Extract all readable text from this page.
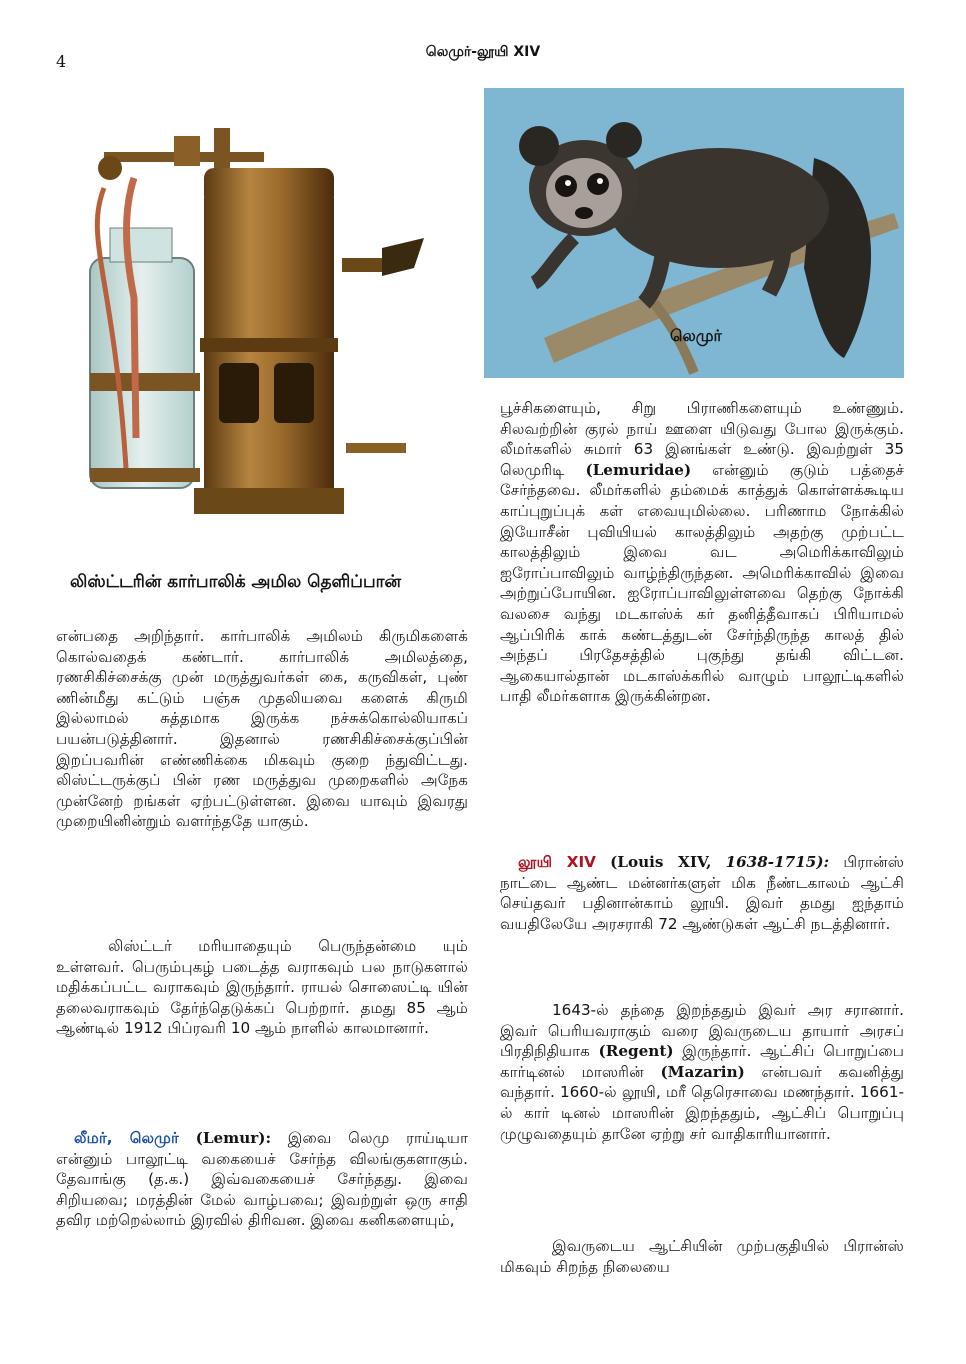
4	லெமுர்-லூயி XIV
லிஸ்ட்டரின் கார்பாலிக் அமில தெளிப்பான்
லெமுர்

என்பதை அறிந்தார். கார்பாலிக் அமிலம் கிருமிகளைக் கொல்வதைக் கண்டார். கார்பாலிக் அமிலத்தை, ரணசிகிச்சைக்கு முன் மருத்துவர்கள் கை, கருவிகள், புண் ணின்மீது கட்டும் பஞ்சு முதலியவை களைக் கிருமி இல்லாமல் சுத்தமாக இருக்க நச்சுக்கொல்லியாகப் பயன்படுத்தினார். இதனால் ரணசிகிச்சைக்குப்பின் இறப்பவரின் எண்ணிக்கை மிகவும் குறை ந்துவிட்டது. லிஸ்ட்டருக்குப் பின் ரண மருத்துவ முறைகளில் அநேக முன்னேற் றங்கள் ஏற்பட்டுள்ளன. இவை யாவும் இவரது முறையினின்றும் வளர்ந்ததே யாகும்.

லிஸ்ட்டர் மரியாதையும் பெருந்தன்மை யும் உள்ளவர். பெரும்புகழ் படைத்த வராகவும் பல நாடுகளால் மதிக்கப்பட்ட வராகவும் இருந்தார். ராயல் சொஸைட்டி யின் தலைவராகவும் தேர்ந்தெடுக்கப் பெற்றார். தமது 85 ஆம் ஆண்டில் 1912 பிப்ரவரி 10 ஆம் நாளில் காலமானார்.

லீமர், லெமுர் (Lemur): இவை லெமு ராய்டியா என்னும் பாலூட்டி வகையைச் சேர்ந்த விலங்குகளாகும். தேவாங்கு (த.க.) இவ்வகையைச் சேர்ந்தது. இவை சிறியவை; மரத்தின் மேல் வாழ்பவை; இவற்றுள் ஒரு சாதி தவிர மற்றெல்லாம் இரவில் திரிவன. இவை கனிகளையும்,

பூச்சிகளையும், சிறு பிராணிகளையும் உண்ணும். சிலவற்றின் குரல் நாய் ஊளை யிடுவது போல இருக்கும். லீமர்களில் சுமார் 63 இனங்கள் உண்டு. இவற்றுள் 35 லெமுரிடி (Lemuridae) என்னும் குடும் பத்தைச் சேர்ந்தவை. லீமர்களில் தம்மைக் காத்துக் கொள்ளக்கூடிய காப்புறுப்புக் கள் எவையுமில்லை. பரிணாம நோக்கில் இயோசீன் புவியியல் காலத்திலும் அதற்கு முற்பட்ட காலத்திலும் இவை வட அமெரிக்காவிலும் ஐரோப்பாவிலும் வாழ்ந்திருந்தன. அமெரிக்காவில் இவை அற்றுப்போயின. ஐரோப்பாவிலுள்ளவை தெற்கு நோக்கி வலசை வந்து மடகாஸ்க் கர் தனித்தீவாகப் பிரியாமல் ஆப்பிரிக் காக் கண்டத்துடன் சேர்ந்திருந்த காலத் தில் அந்தப் பிரதேசத்தில் புகுந்து தங்கி விட்டன. ஆகையால்தான் மடகாஸ்க்கரில் வாழும் பாலூட்டிகளில் பாதி லீமர்களாக இருக்கின்றன.

லூயி XIV (Louis XIV, 1638-1715): பிரான்ஸ் நாட்டை ஆண்ட மன்னர்களுள் மிக நீண்டகாலம் ஆட்சி செய்தவர் பதினான்காம் லூயி. இவர் தமது ஐந்தாம் வயதிலேயே அரசராகி 72 ஆண்டுகள் ஆட்சி நடத்தினார்.

1643-ல் தந்தை இறந்ததும் இவர் அர சரானார். இவர் பெரியவராகும் வரை இவருடைய தாயார் அரசப் பிரதிநிதியாக (Regent) இருந்தார். ஆட்சிப் பொறுப்பை கார்டினல் மாஸரின் (Mazarin) என்பவர் கவனித்து வந்தார். 1660-ல் லூயி, மரீ தெரெசாவை மணந்தார். 1661-ல் கார் டினல் மாஸரின் இறந்ததும், ஆட்சிப் பொறுப்பு முழுவதையும் தானே ஏற்று சர் வாதிகாரியானார்.

இவருடைய ஆட்சியின் முற்பகுதியில் பிரான்ஸ் மிகவும் சிறந்த நிலையை
